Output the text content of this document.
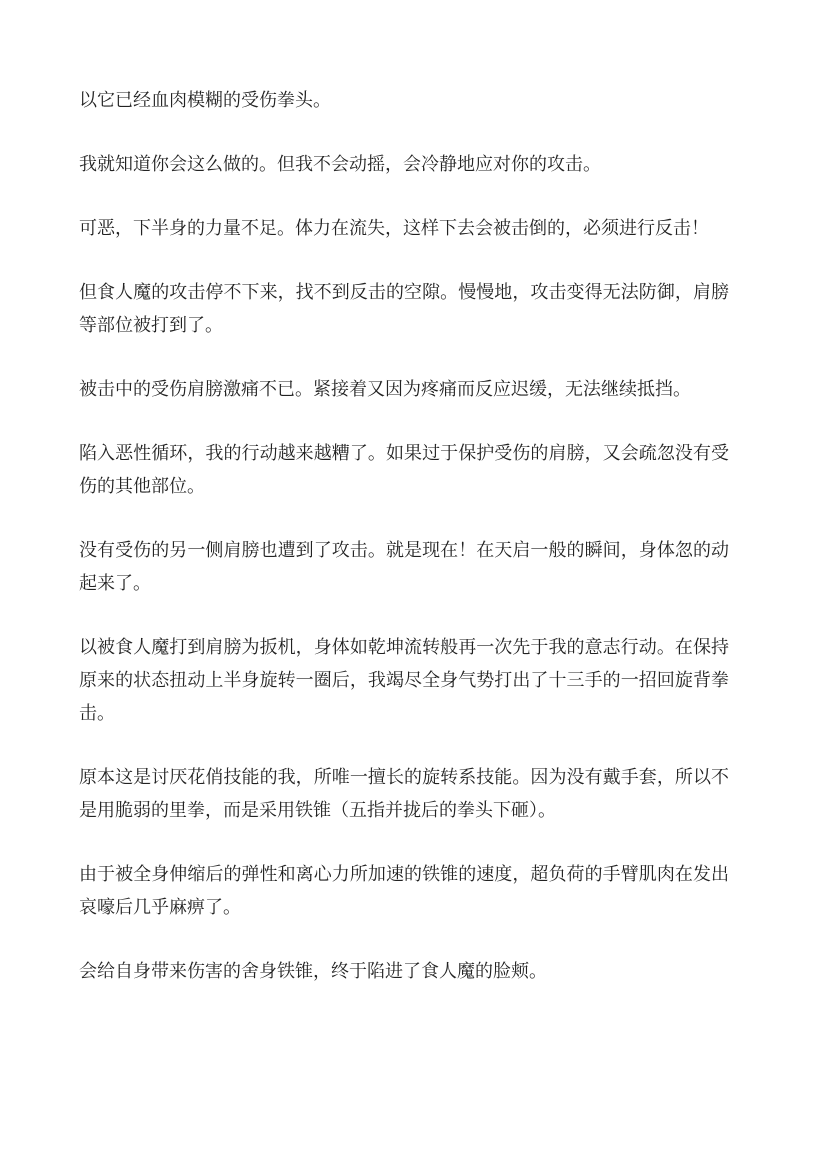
以它已经血肉模糊的受伤拳头。

我就知道你会这么做的。但我不会动摇，会冷静地应对你的攻击。

可恶，下半身的力量不足。体力在流失，这样下去会被击倒的，必须进行反击！

但食人魔的攻击停不下来，找不到反击的空隙。慢慢地，攻击变得无法防御，肩膀等部位被打到了。

被击中的受伤肩膀激痛不已。紧接着又因为疼痛而反应迟缓，无法继续抵挡。

陷入恶性循环，我的行动越来越糟了。如果过于保护受伤的肩膀，又会疏忽没有受伤的其他部位。

没有受伤的另一侧肩膀也遭到了攻击。就是现在！在天启一般的瞬间，身体忽的动起来了。

以被食人魔打到肩膀为扳机，身体如乾坤流转般再一次先于我的意志行动。在保持原来的状态扭动上半身旋转一圈后，我竭尽全身气势打出了十三手的一招回旋背拳击。

原本这是讨厌花俏技能的我，所唯一擅长的旋转系技能。因为没有戴手套，所以不是用脆弱的里拳，而是采用铁锥（五指并拢后的拳头下砸）。

由于被全身伸缩后的弹性和离心力所加速的铁锥的速度，超负荷的手臂肌肉在发出哀嚎后几乎麻痹了。

会给自身带来伤害的舍身铁锥，终于陷进了食人魔的脸颊。
